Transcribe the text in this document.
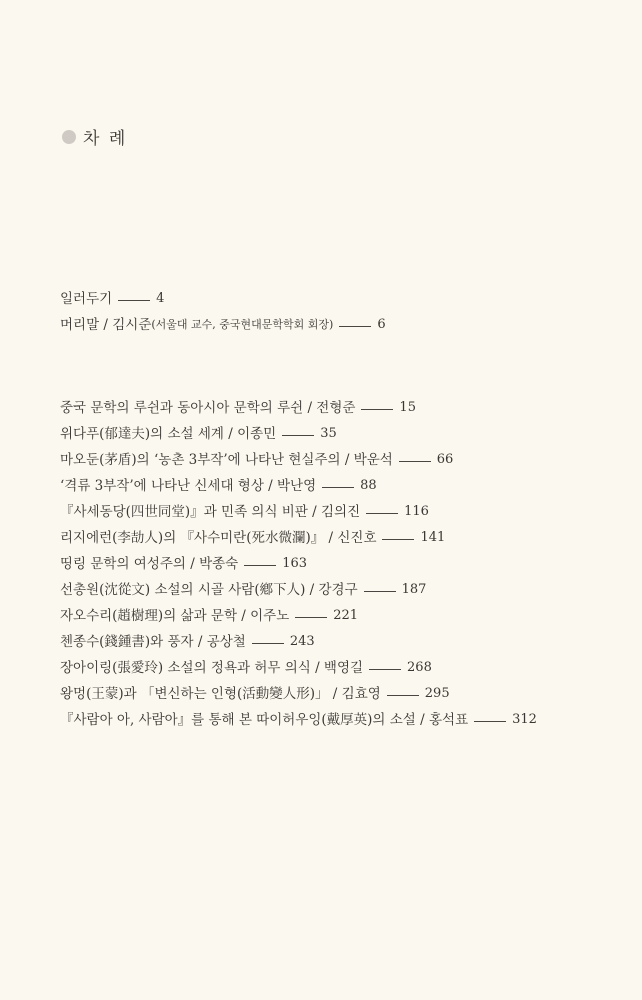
차 례
일러두기	4
머리말 / 김시준 (서울대 교수, 중국현대문학학회 회장)	6
중국 문학의 루쉰과 동아시아 문학의 루쉰 / 전형준	15
위다푸(郁達夫)의 소설 세계 / 이종민	35
마오둔(茅盾)의 ‘농촌 3부작’에 나타난 현실주의 / 박운석	66
‘격류 3부작’에 나타난 신세대 형상 / 박난영	88
『사세동당(四世同堂)』과 민족 의식 비판 / 김의진	116
리지에런(李劼人)의 『사수미란(死水微瀾)』 / 신진호	141
띵링 문학의 여성주의 / 박종숙	163
선총원(沈從文) 소설의 시골 사람(鄕下人) / 강경구	187
자오수리(趙樹理)의 삶과 문학 / 이주노	221
첸종수(錢鍾書)와 풍자 / 공상철	243
장아이링(張愛玲) 소설의 정욕과 허무 의식 / 백영길	268
왕멍(王蒙)과 「변신하는 인형(活動變人形)」 / 김효영	295
『사람아 아, 사람아』를 통해 본 따이허우잉(戴厚英)의 소설 / 홍석표	312
